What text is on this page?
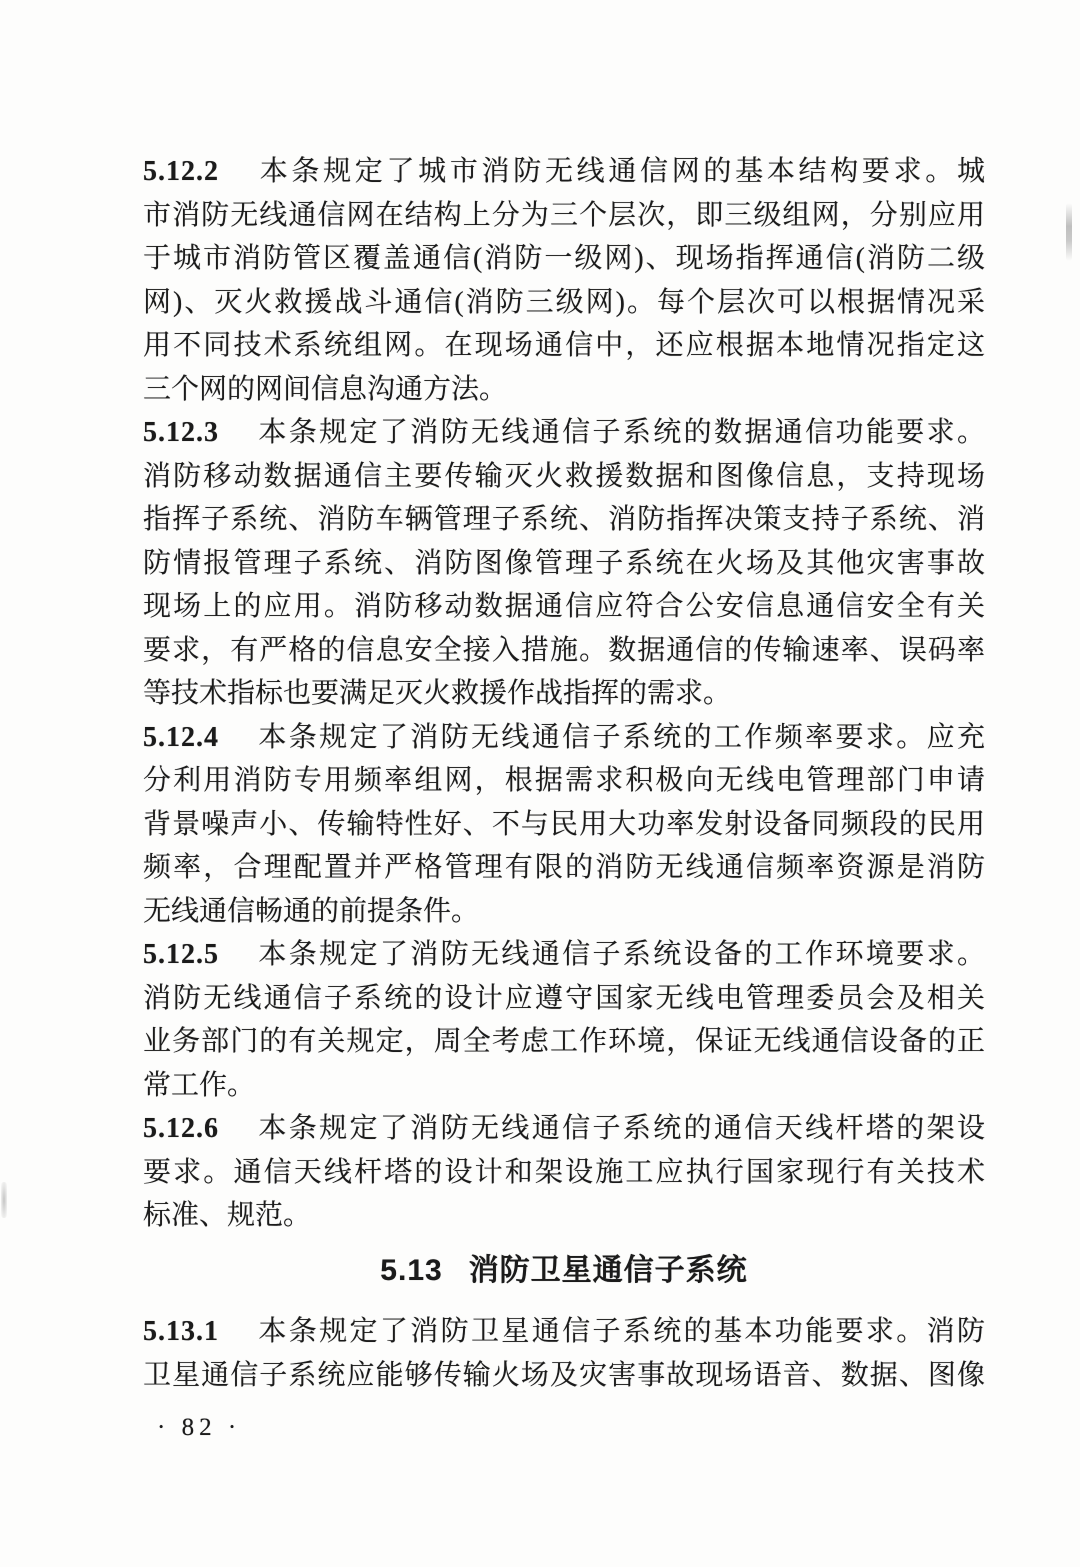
5.12.2 本条规定了城市消防无线通信网的基本结构要求。城
市消防无线通信网在结构上分为三个层次，即三级组网，分别应用
于城市消防管区覆盖通信(消防一级网)、现场指挥通信(消防二级
网)、灭火救援战斗通信(消防三级网)。每个层次可以根据情况采
用不同技术系统组网。在现场通信中，还应根据本地情况指定这
三个网的网间信息沟通方法。
5.12.3 本条规定了消防无线通信子系统的数据通信功能要求。
消防移动数据通信主要传输灭火救援数据和图像信息，支持现场
指挥子系统、消防车辆管理子系统、消防指挥决策支持子系统、消
防情报管理子系统、消防图像管理子系统在火场及其他灾害事故
现场上的应用。消防移动数据通信应符合公安信息通信安全有关
要求，有严格的信息安全接入措施。数据通信的传输速率、误码率
等技术指标也要满足灭火救援作战指挥的需求。
5.12.4 本条规定了消防无线通信子系统的工作频率要求。应充
分利用消防专用频率组网，根据需求积极向无线电管理部门申请
背景噪声小、传输特性好、不与民用大功率发射设备同频段的民用
频率，合理配置并严格管理有限的消防无线通信频率资源是消防
无线通信畅通的前提条件。
5.12.5 本条规定了消防无线通信子系统设备的工作环境要求。
消防无线通信子系统的设计应遵守国家无线电管理委员会及相关
业务部门的有关规定，周全考虑工作环境，保证无线通信设备的正
常工作。
5.12.6 本条规定了消防无线通信子系统的通信天线杆塔的架设
要求。通信天线杆塔的设计和架设施工应执行国家现行有关技术
标准、规范。
5.13 消防卫星通信子系统
5.13.1 本条规定了消防卫星通信子系统的基本功能要求。消防
卫星通信子系统应能够传输火场及灾害事故现场语音、数据、图像
· 82 ·
